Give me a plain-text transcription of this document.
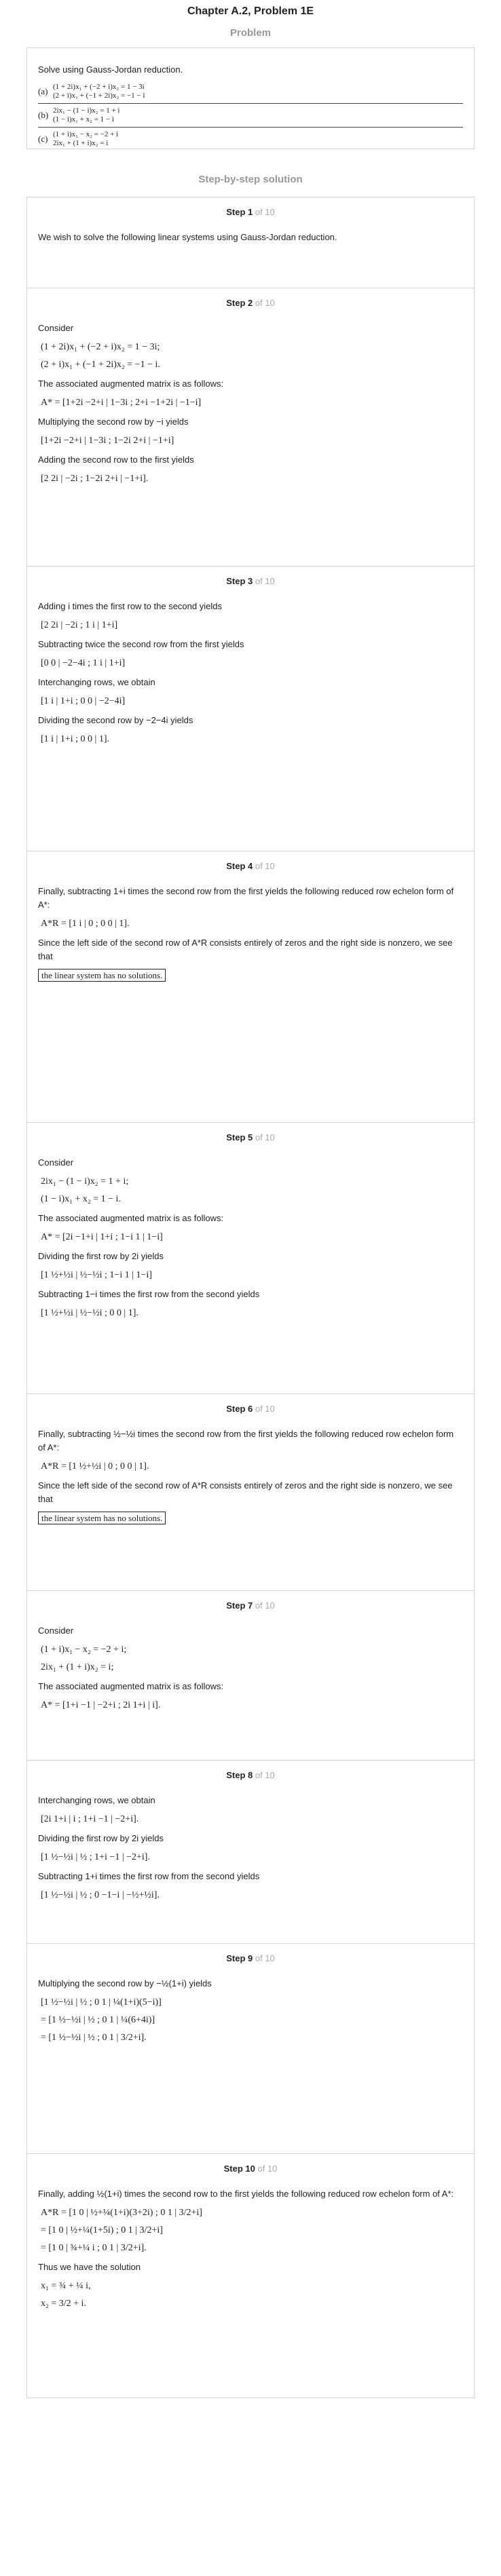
Chapter A.2, Problem 1E
Problem

Solve using Gauss-Jordan reduction.

(a) (1 + 2i)x₁ + (−2 + i)x₂ = 1 − 3i
(2 + i)x₁ + (−1 + 2i)x₂ = −1 − i
(b) 2ix₁ − (1 − i)x₂ = 1 + i
(1 − i)x₁ + x₂ = 1 − i
(c) (1 + i)x₁ − x₂ = −2 + i
2ix₁ + (1 + i)x₂ = i
Step-by-step solution
Step 1 of 10
We wish to solve the following linear systems using Gauss-Jordan reduction.
Step 2 of 10
Consider
(1 + 2i)x₁ + (−2 + i)x₂ = 1 − 3i;
(2 + i)x₁ + (−1 + 2i)x₂ = −1 − i.
The associated augmented matrix is as follows:
A* = [1+2i −2+i | 1−3i ; 2+i −1+2i | −1−i]
Multiplying the second row by −i yields
[1+2i −2+i | 1−3i ; 1−2i 2+i | −1+i]
Adding the second row to the first yields
[2 2i | −2i ; 1−2i 2+i | −1+i].
Step 3 of 10
Adding i times the first row to the second yields
[2 2i | −2i ; 1 i | 1+i]
Subtracting twice the second row from the first yields
[0 0 | −2−4i ; 1 i | 1+i]
Interchanging rows, we obtain
[1 i | 1+i ; 0 0 | −2−4i]
Dividing the second row by −2−4i yields
[1 i | 1+i ; 0 0 | 1].
Step 4 of 10
Finally, subtracting 1+i times the second row from the first yields the following reduced row echelon form of A*:
A*R = [1 i | 0 ; 0 0 | 1].
Since the left side of the second row of A*R consists entirely of zeros and the right side is nonzero, we see that
the linear system has no solutions.
Step 5 of 10
Consider
2ix₁ − (1 − i)x₂ = 1 + i;
(1 − i)x₁ + x₂ = 1 − i.
The associated augmented matrix is as follows:
A* = [2i −1+i | 1+i ; 1−i 1 | 1−i]
Dividing the first row by 2i yields
[1 ½+½i | ½−½i ; 1−i 1 | 1−i]
Subtracting 1−i times the first row from the second yields
[1 ½+½i | ½−½i ; 0 0 | 1].
Step 6 of 10
Finally, subtracting ½−½i times the second row from the first yields the following reduced row echelon form of A*:
A*R = [1 ½+½i | 0 ; 0 0 | 1].
Since the left side of the second row of A*R consists entirely of zeros and the right side is nonzero, we see that
the linear system has no solutions.
Step 7 of 10
Consider
(1 + i)x₁ − x₂ = −2 + i;
2ix₁ + (1 + i)x₂ = i;
The associated augmented matrix is as follows:
A* = [1+i −1 | −2+i ; 2i 1+i | i].
Step 8 of 10
Interchanging rows, we obtain
[2i 1+i | i ; 1+i −1 | −2+i].
Dividing the first row by 2i yields
[1 ½−½i | ½ ; 1+i −1 | −2+i].
Subtracting 1+i times the first row from the second yields
[1 ½−½i | ½ ; 0 −1−i | −½+½i].
Step 9 of 10
Multiplying the second row by −½(1+i) yields
[1 ½−½i | ½ ; 0 1 | ¼(1+i)(5−i)]
= [1 ½−½i | ½ ; 0 1 | ¼(6+4i)]
= [1 ½−½i | ½ ; 0 1 | 3/2+i].
Step 10 of 10
Finally, adding ½(1+i) times the second row to the first yields the following reduced row echelon form of A*:
A*R = [1 0 | ½+¼(1+i)(3+2i) ; 0 1 | 3/2+i]
= [1 0 | ½+¼(1+5i) ; 0 1 | 3/2+i]
= [1 0 | ¾+¼ i ; 0 1 | 3/2+i].
Thus we have the solution
x₁ = ¾ + ¼ i,
x₂ = 3/2 + i.
